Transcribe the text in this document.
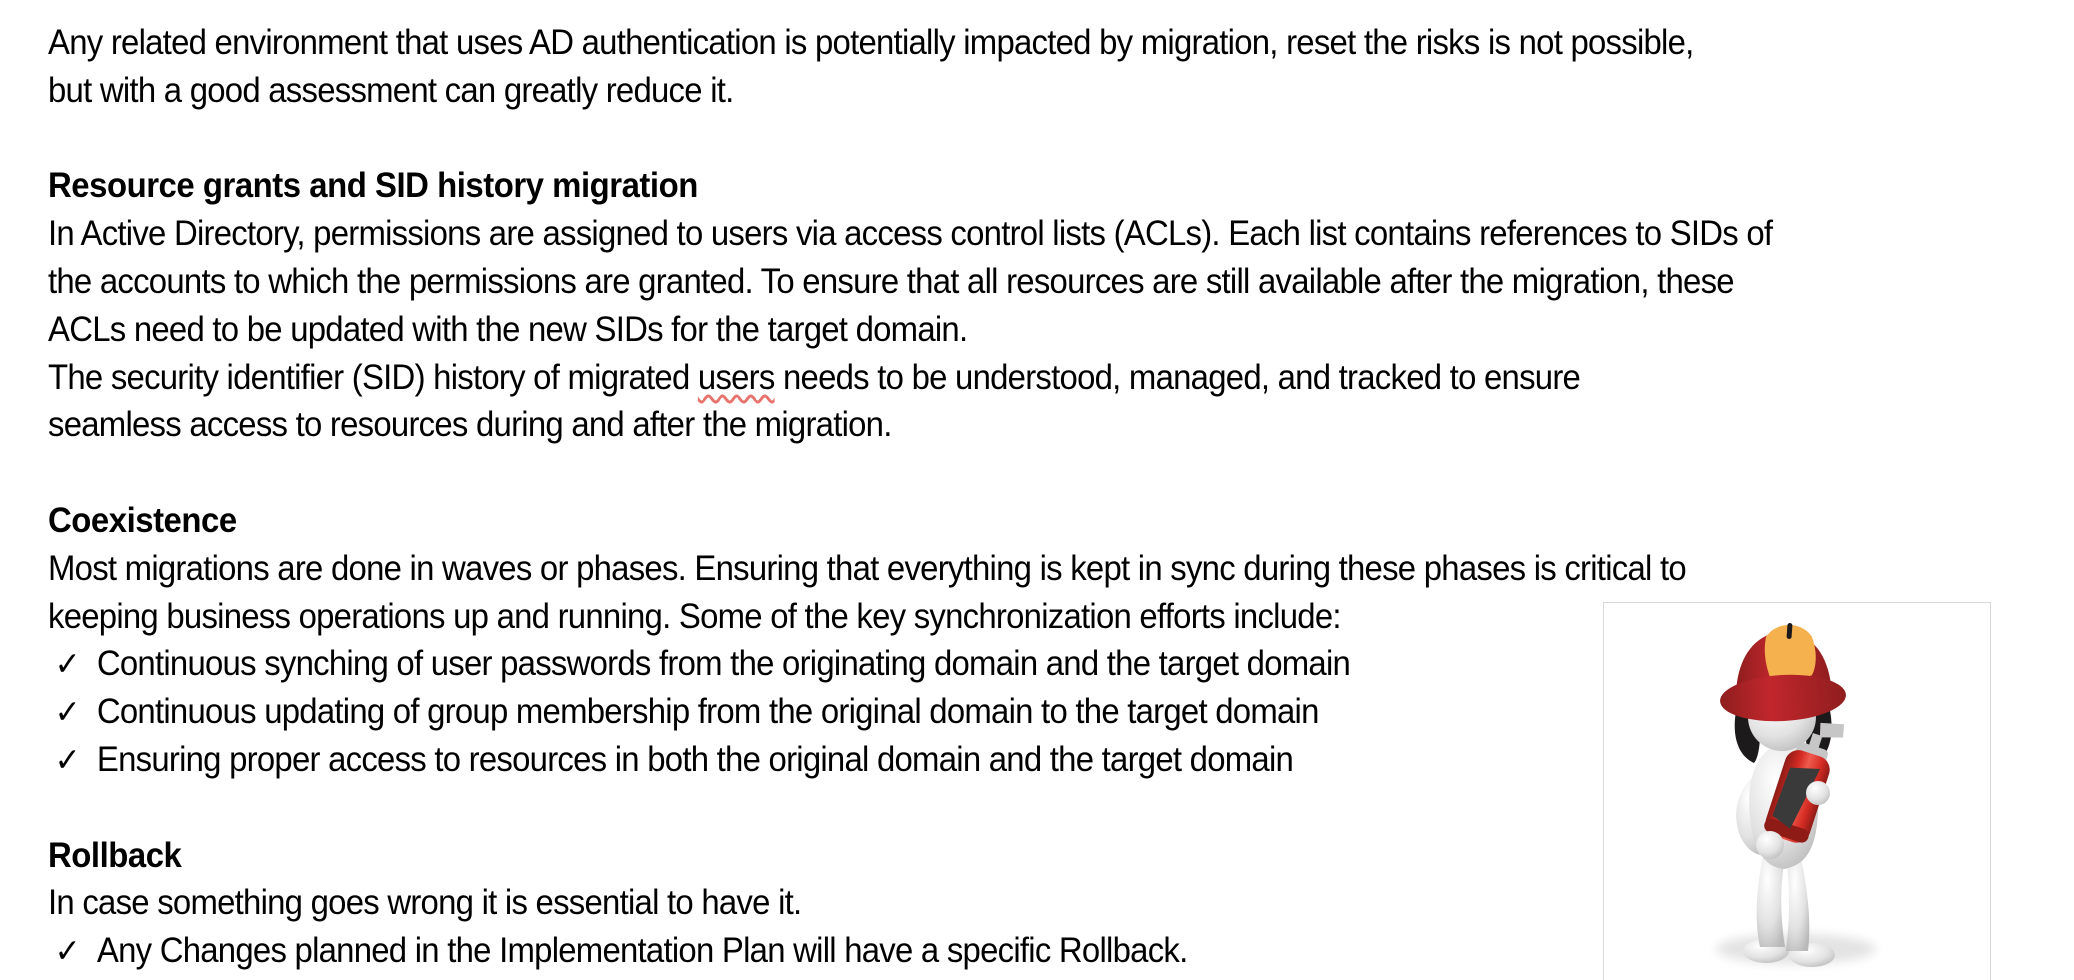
Any related environment that uses AD authentication is potentially impacted by migration, reset the risks is not possible,
but with a good assessment can greatly reduce it.
Resource grants and SID history migration
In Active Directory, permissions are assigned to users via access control lists (ACLs). Each list contains references to SIDs of
the accounts to which the permissions are granted. To ensure that all resources are still available after the migration, these
ACLs need to be updated with the new SIDs for the target domain.
The security identifier (SID) history of migrated users needs to be understood, managed, and tracked to ensure
seamless access to resources during and after the migration.
Coexistence
Most migrations are done in waves or phases. Ensuring that everything is kept in sync during these phases is critical to
keeping business operations up and running. Some of the key synchronization efforts include:
✓ Continuous synching of user passwords from the originating domain and the target domain
✓ Continuous updating of group membership from the original domain to the target domain
✓ Ensuring proper access to resources in both the original domain and the target domain
Rollback
In case something goes wrong it is essential to have it.
✓ Any Changes planned in the Implementation Plan will have a specific Rollback.
